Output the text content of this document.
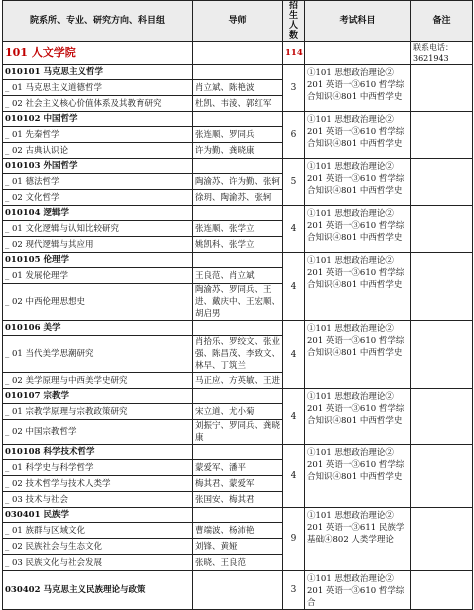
院系所、专业、研究方向、科目组	导师	招生人数	考试科目	备注
101 人文学院		114		联系电话：3621943
010101 马克思主义哲学		3	①101 思想政治理论② 201 英语一③610 哲学综合知识④801 中西哲学史	
_ 01 马克思主义道德哲学	肖立斌、陈艳波			
_ 02 社会主义核心价值体系及其教育研究	杜凯、韦淩、郭红军			
010102 中国哲学		6	①101 思想政治理论② 201 英语一③610 哲学综合知识④801 中西哲学史	
_ 01 先秦哲学	张连顺、罗同兵			
_ 02 古典认识论	许为勤、龚晓康			
010103 外国哲学		5	①101 思想政治理论② 201 英语一③610 哲学综合知识④801 中西哲学史	
_ 01 德法哲学	陶渝苏、许为勤、张轲			
_ 02 文化哲学	徐玥、陶渝苏、张轲			
010104 逻辑学		4	①101 思想政治理论② 201 英语一③610 哲学综合知识④801 中西哲学史	
_ 01 文化逻辑与认知比较研究	张连顺、张学立			
_ 02 现代逻辑与其应用	姚凯科、张学立			
010105 伦理学		4	①101 思想政治理论② 201 英语一③610 哲学综合知识④801 中西哲学史	
_ 01 发展伦理学	王良范、肖立斌			
_ 02 中西伦理思想史	陶渝苏、罗同兵、王进、戴庆中、王宏顺、胡启男			
010106 美学		4	①101 思想政治理论② 201 英语一③610 哲学综合知识④801 中西哲学史	
_ 01 当代美学思潮研究	肖拾乐、罗绞文、张业强、陈昌茂、李致文、林早、丁筑兰			
_ 02 美学原理与中西美学史研究	马正应、方英敏、王进			
010107 宗教学		4	①101 思想政治理论② 201 英语一③610 哲学综合知识④801 中西哲学史	
_ 01 宗教学原理与宗教政策研究	宋立道、尤小菊			
_ 02 中国宗教哲学	刘振宁、罗同兵、龚晓康			
010108 科学技术哲学		4	①101 思想政治理论② 201 英语一③610 哲学综合知识④801 中西哲学史	
_ 01 科学史与科学哲学	蒙爱军、潘平			
_ 02 技术哲学与技术人类学	梅其君、蒙爱军			
_ 03 技术与社会	张国安、梅其君			
030401 民族学		9	①101 思想政治理论② 201 英语一③611 民族学基础④802 人类学理论	
_ 01 族群与区域文化	曹端波、杨沛艳			
_ 02 民族社会与生态文化	刘锋、黄娅			
_ 03 民族文化与社会发展	张晓、王良范			
030402 马克思主义民族理论与政策		3	①101 思想政治理论② 201 英语一③610 哲学综合	
